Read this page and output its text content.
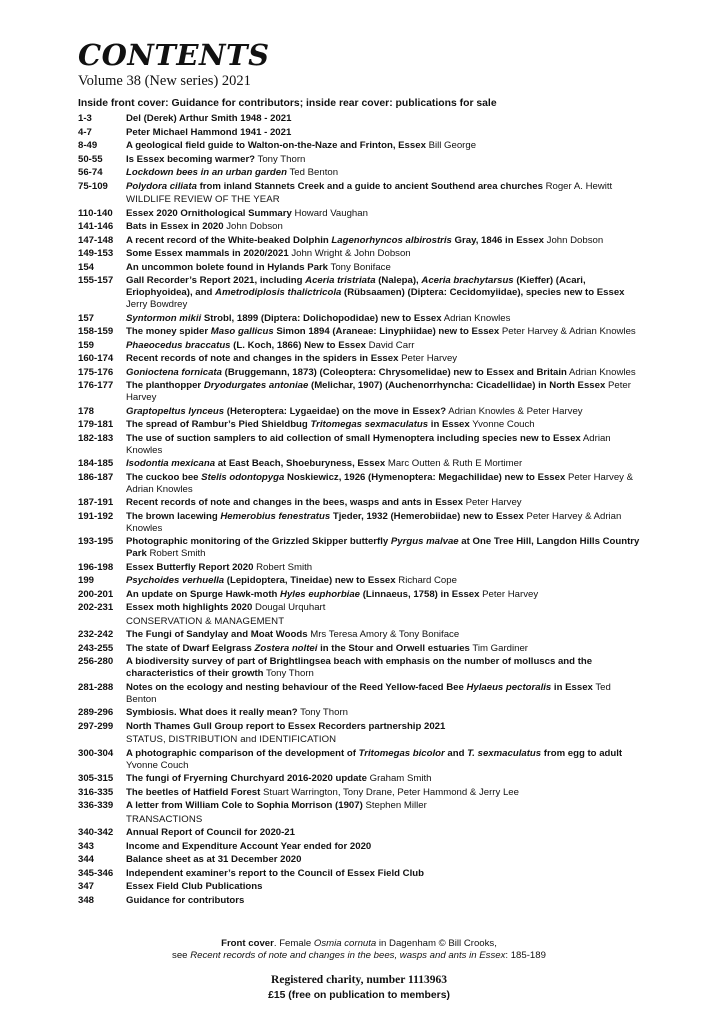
CONTENTS
Volume 38 (New series) 2021
Inside front cover: Guidance for contributors; inside rear cover: publications for sale
1-3	Del (Derek) Arthur Smith 1948 - 2021
4-7	Peter Michael Hammond 1941 - 2021
8-49	A geological field guide to Walton-on-the-Naze and Frinton, Essex Bill George
50-55	Is Essex becoming warmer? Tony Thorn
56-74	Lockdown bees in an urban garden Ted Benton
75-109	Polydora ciliata from inland Stannets Creek and a guide to ancient Southend area churches Roger A. Hewitt
WILDLIFE REVIEW OF THE YEAR
110-140	Essex 2020 Ornithological Summary Howard Vaughan
141-146	Bats in Essex in 2020 John Dobson
147-148	A recent record of the White-beaked Dolphin Lagenorhyncos albirostris Gray, 1846 in Essex John Dobson
149-153	Some Essex mammals in 2020/2021 John Wright & John Dobson
154	An uncommon bolete found in Hylands Park Tony Boniface
155-157	Gall Recorder’s Report 2021, including Aceria tristriata (Nalepa), Aceria brachytarsus (Kieffer) (Acari, Eriophyoidea), and Ametrodiplosis thalictricola (Rübsaamen) (Diptera: Cecidomyiidae), species new to Essex Jerry Bowdrey
157	Syntormon mikii Strobl, 1899 (Diptera: Dolichopodidae) new to Essex Adrian Knowles
158-159	The money spider Maso gallicus Simon 1894 (Araneae: Linyphiidae) new to Essex Peter Harvey & Adrian Knowles
159	Phaeocedus braccatus (L. Koch, 1866) New to Essex David Carr
160-174	Recent records of note and changes in the spiders in Essex Peter Harvey
175-176	Gonioctena fornicata (Bruggemann, 1873) (Coleoptera: Chrysomelidae) new to Essex and Britain Adrian Knowles
176-177	The planthopper Dryodurgates antoniae (Melichar, 1907) (Auchenorrhyncha: Cicadellidae) in North Essex Peter Harvey
178	Graptopeltus lynceus (Heteroptera: Lygaeidae) on the move in Essex? Adrian Knowles & Peter Harvey
179-181	The spread of Rambur’s Pied Shieldbug Tritomegas sexmaculatus in Essex Yvonne Couch
182-183	The use of suction samplers to aid collection of small Hymenoptera including species new to Essex Adrian Knowles
184-185	Isodontia mexicana at East Beach, Shoeburyness, Essex Marc Outten & Ruth E Mortimer
186-187	The cuckoo bee Stelis odontopyga Noskiewicz, 1926 (Hymenoptera: Megachilidae) new to Essex Peter Harvey & Adrian Knowles
187-191	Recent records of note and changes in the bees, wasps and ants in Essex Peter Harvey
191-192	The brown lacewing Hemerobius fenestratus Tjeder, 1932 (Hemerobiidae) new to Essex Peter Harvey & Adrian Knowles
193-195	Photographic monitoring of the Grizzled Skipper butterfly Pyrgus malvae at One Tree Hill, Langdon Hills Country Park Robert Smith
196-198	Essex Butterfly Report 2020 Robert Smith
199	Psychoides verhuella (Lepidoptera, Tineidae) new to Essex Richard Cope
200-201	An update on Spurge Hawk-moth Hyles euphorbiae (Linnaeus, 1758) in Essex Peter Harvey
202-231	Essex moth highlights 2020 Dougal Urquhart
CONSERVATION & MANAGEMENT
232-242	The Fungi of Sandylay and Moat Woods Mrs Teresa Amory & Tony Boniface
243-255	The state of Dwarf Eelgrass Zostera noltei in the Stour and Orwell estuaries Tim Gardiner
256-280	A biodiversity survey of part of Brightlingsea beach with emphasis on the number of molluscs and the characteristics of their growth Tony Thorn
281-288	Notes on the ecology and nesting behaviour of the Reed Yellow-faced Bee Hylaeus pectoralis in Essex Ted Benton
289-296	Symbiosis. What does it really mean? Tony Thorn
297-299	North Thames Gull Group report to Essex Recorders partnership 2021
STATUS, DISTRIBUTION and IDENTIFICATION
300-304	A photographic comparison of the development of Tritomegas bicolor and T. sexmaculatus from egg to adult Yvonne Couch
305-315	The fungi of Fryerning Churchyard 2016-2020 update Graham Smith
316-335	The beetles of Hatfield Forest Stuart Warrington, Tony Drane, Peter Hammond & Jerry Lee
336-339	A letter from William Cole to Sophia Morrison (1907) Stephen Miller
TRANSACTIONS
340-342	Annual Report of Council for 2020-21
343	Income and Expenditure Account Year ended for 2020
344	Balance sheet as at 31 December 2020
345-346	Independent examiner’s report to the Council of Essex Field Club
347	Essex Field Club Publications
348	Guidance for contributors
Front cover. Female Osmia cornuta in Dagenham © Bill Crooks,
see Recent records of note and changes in the bees, wasps and ants in Essex: 185-189
Registered charity, number 1113963
£15 (free on publication to members)
